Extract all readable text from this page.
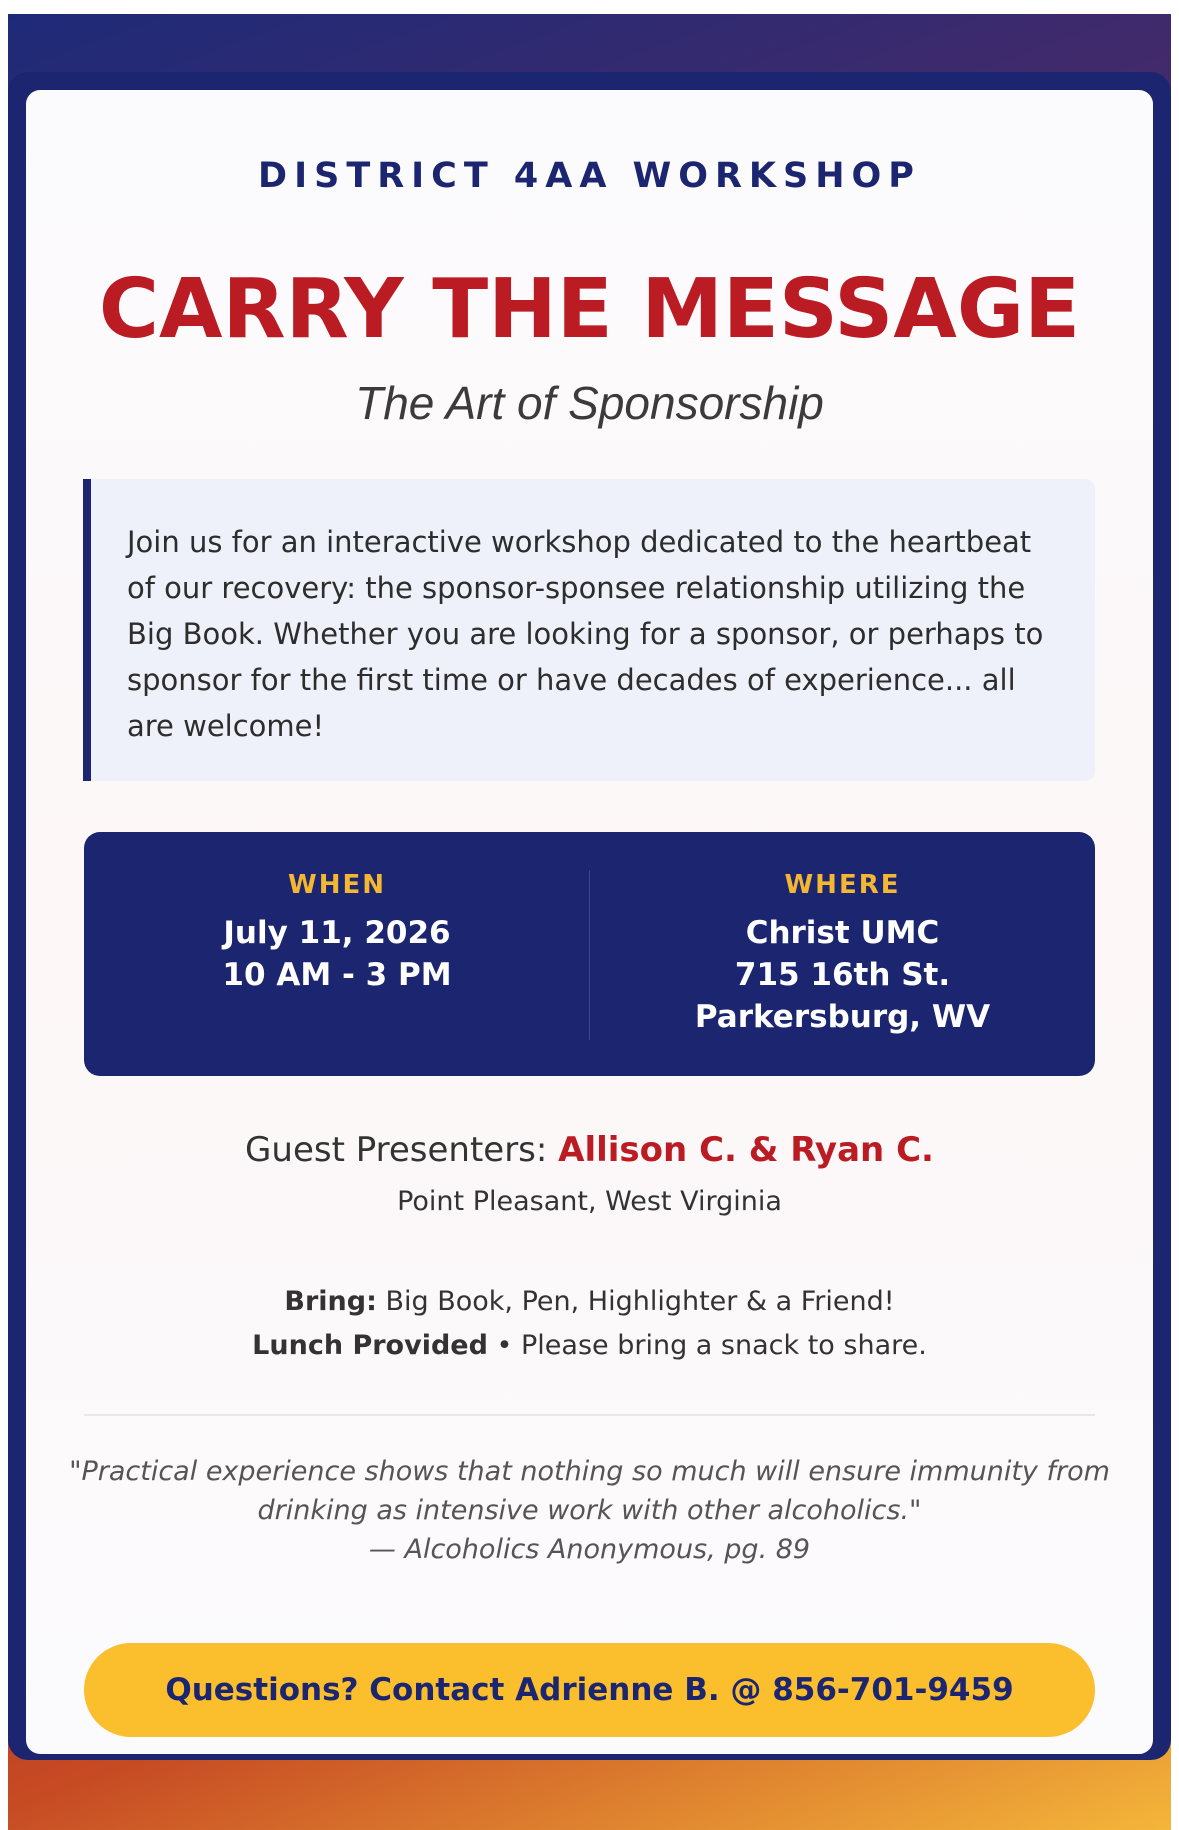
DISTRICT 4AA WORKSHOP
CARRY THE MESSAGE
The Art of Sponsorship

Join us for an interactive workshop dedicated to the heartbeat of our recovery: the sponsor-sponsee relationship utilizing the Big Book. Whether you are looking for a sponsor, or perhaps to sponsor for the first time or have decades of experience... all are welcome!

WHEN
July 11, 2026
10 AM - 3 PM
WHERE
Christ UMC
715 16th St.
Parkersburg, WV
Guest Presenters: Allison C. & Ryan C.
Point Pleasant, West Virginia
Bring: Big Book, Pen, Highlighter & a Friend!
Lunch Provided • Please bring a snack to share.
"Practical experience shows that nothing so much will ensure immunity from
drinking as intensive work with other alcoholics."
— Alcoholics Anonymous, pg. 89
Questions? Contact Adrienne B. @ 856-701-9459
